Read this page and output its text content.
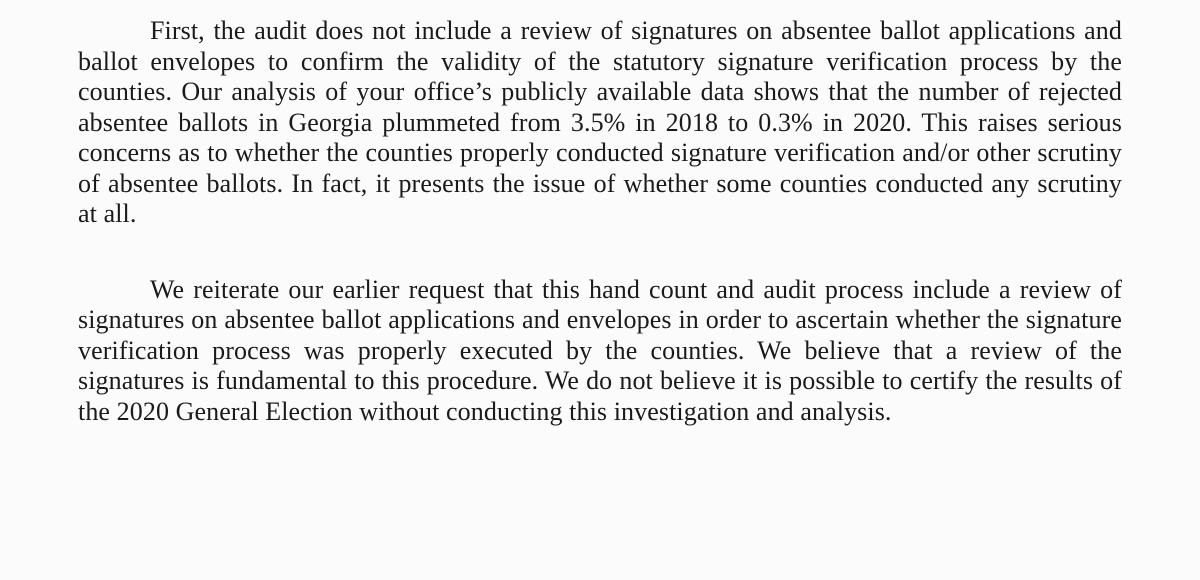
First, the audit does not include a review of signatures on absentee ballot applications and ballot envelopes to confirm the validity of the statutory signature verification process by the counties. Our analysis of your office’s publicly available data shows that the number of rejected absentee ballots in Georgia plummeted from 3.5% in 2018 to 0.3% in 2020. This raises serious concerns as to whether the counties properly conducted signature verification and/or other scrutiny of absentee ballots. In fact, it presents the issue of whether some counties conducted any scrutiny at all.

We reiterate our earlier request that this hand count and audit process include a review of signatures on absentee ballot applications and envelopes in order to ascertain whether the signature verification process was properly executed by the counties. We believe that a review of the signatures is fundamental to this procedure. We do not believe it is possible to certify the results of the 2020 General Election without conducting this investigation and analysis.
